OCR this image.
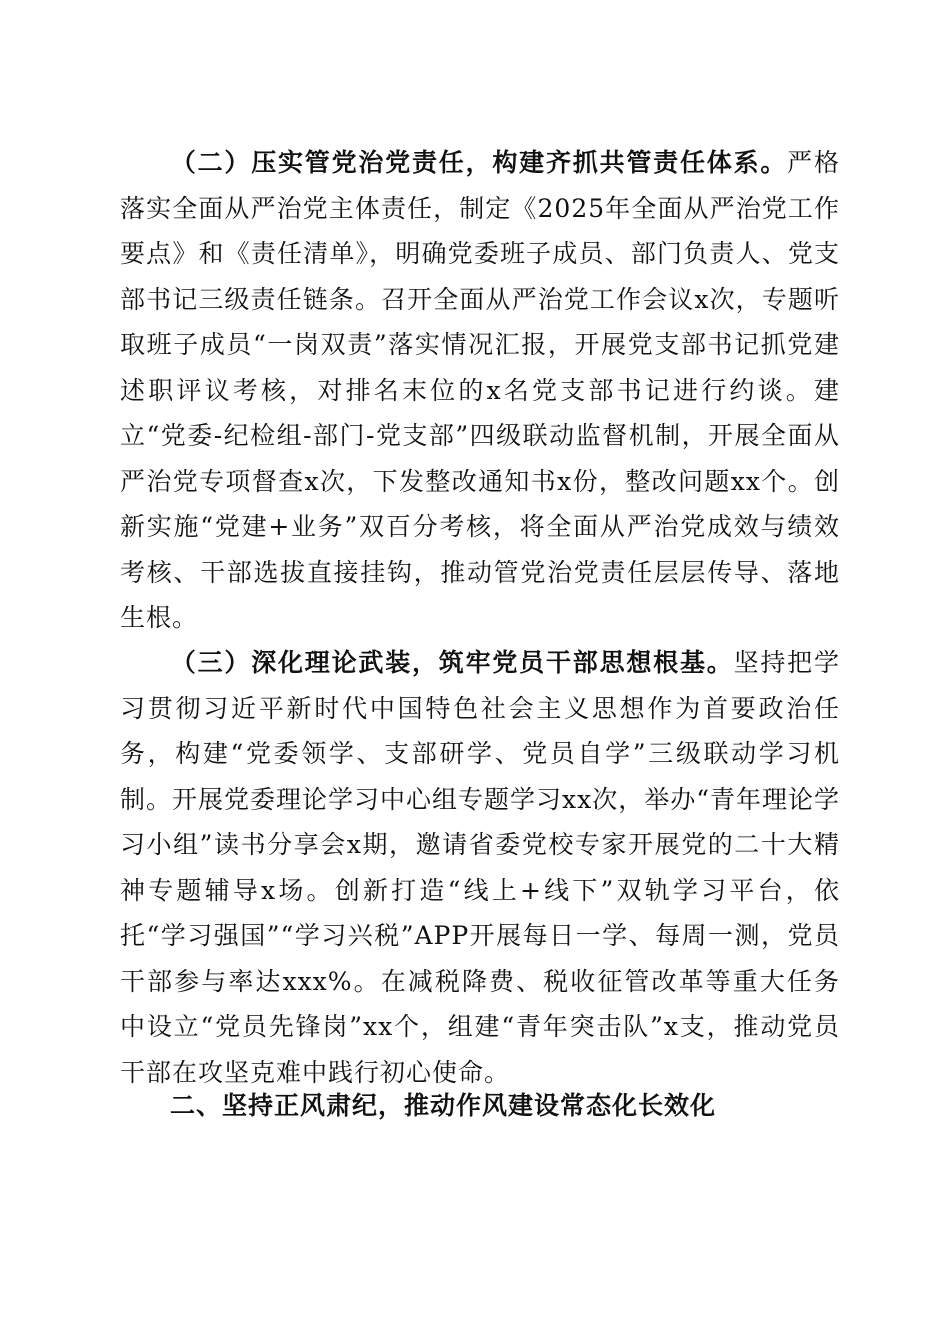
（二）压实管党治党责任，构建齐抓共管责任体系。严格落实全面从严治党主体责任，制定《2025年全面从严治党工作要点》和《责任清单》，明确党委班子成员、部门负责人、党支部书记三级责任链条。召开全面从严治党工作会议x次，专题听取班子成员“一岗双责”落实情况汇报，开展党支部书记抓党建述职评议考核，对排名末位的x名党支部书记进行约谈。建立“党委-纪检组-部门-党支部”四级联动监督机制，开展全面从严治党专项督查x次，下发整改通知书x份，整改问题xx个。创新实施“党建+业务”双百分考核，将全面从严治党成效与绩效考核、干部选拔直接挂钩，推动管党治党责任层层传导、落地生根。

（三）深化理论武装，筑牢党员干部思想根基。坚持把学习贯彻习近平新时代中国特色社会主义思想作为首要政治任务，构建“党委领学、支部研学、党员自学”三级联动学习机制。开展党委理论学习中心组专题学习xx次，举办“青年理论学习小组”读书分享会x期，邀请省委党校专家开展党的二十大精神专题辅导x场。创新打造“线上+线下”双轨学习平台，依托“学习强国”“学习兴税”APP开展每日一学、每周一测，党员干部参与率达xxx%。在减税降费、税收征管改革等重大任务中设立“党员先锋岗”xx个，组建“青年突击队”x支，推动党员干部在攻坚克难中践行初心使命。

二、坚持正风肃纪，推动作风建设常态化长效化
